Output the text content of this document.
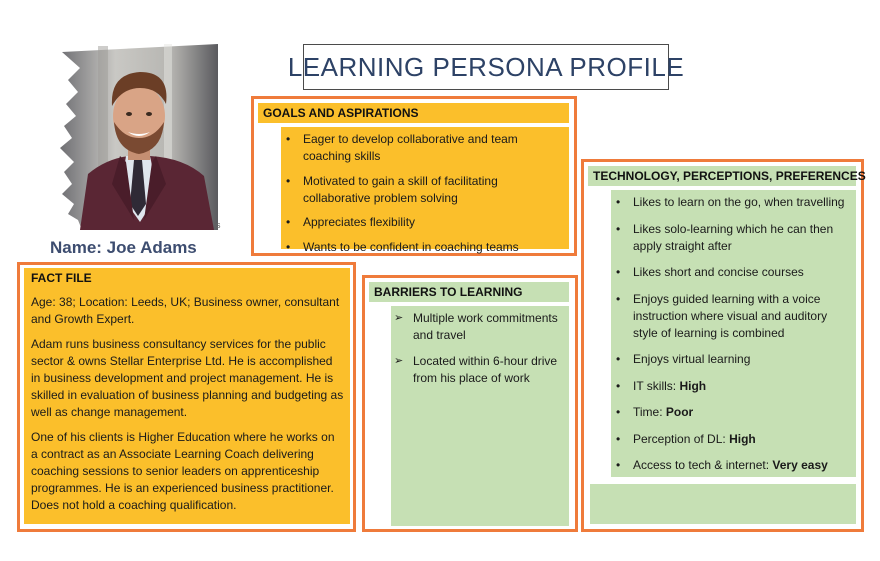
s
Name: Joe Adams
LEARNING PERSONA PROFILE
GOALS AND ASPIRATIONS
• Eager to develop collaborative and team coaching skills
• Motivated to gain a skill of facilitating collaborative problem solving
• Appreciates flexibility
• Wants to be confident in coaching teams
FACT FILE

Age: 38; Location: Leeds, UK; Business owner, consultant and Growth Expert.

Adam runs business consultancy services for the public sector & owns Stellar Enterprise Ltd. He is accomplished in business development and project management. He is skilled in evaluation of business planning and budgeting as well as change management.

One of his clients is Higher Education where he works on a contract as an Associate Learning Coach delivering coaching sessions to senior leaders on apprenticeship programmes. He is an experienced business practitioner. Does not hold a coaching qualification.

BARRIERS TO LEARNING
➢ Multiple work commitments and travel
➢ Located within 6-hour drive from his place of work
TECHNOLOGY, PERCEPTIONS, PREFERENCES
• Likes to learn on the go, when travelling
• Likes solo-learning which he can then apply straight after
• Likes short and concise courses
• Enjoys guided learning with a voice instruction where visual and auditory style of learning is combined
• Enjoys virtual learning
• IT skills: High
• Time: Poor
• Perception of DL: High
• Access to tech & internet: Very easy
